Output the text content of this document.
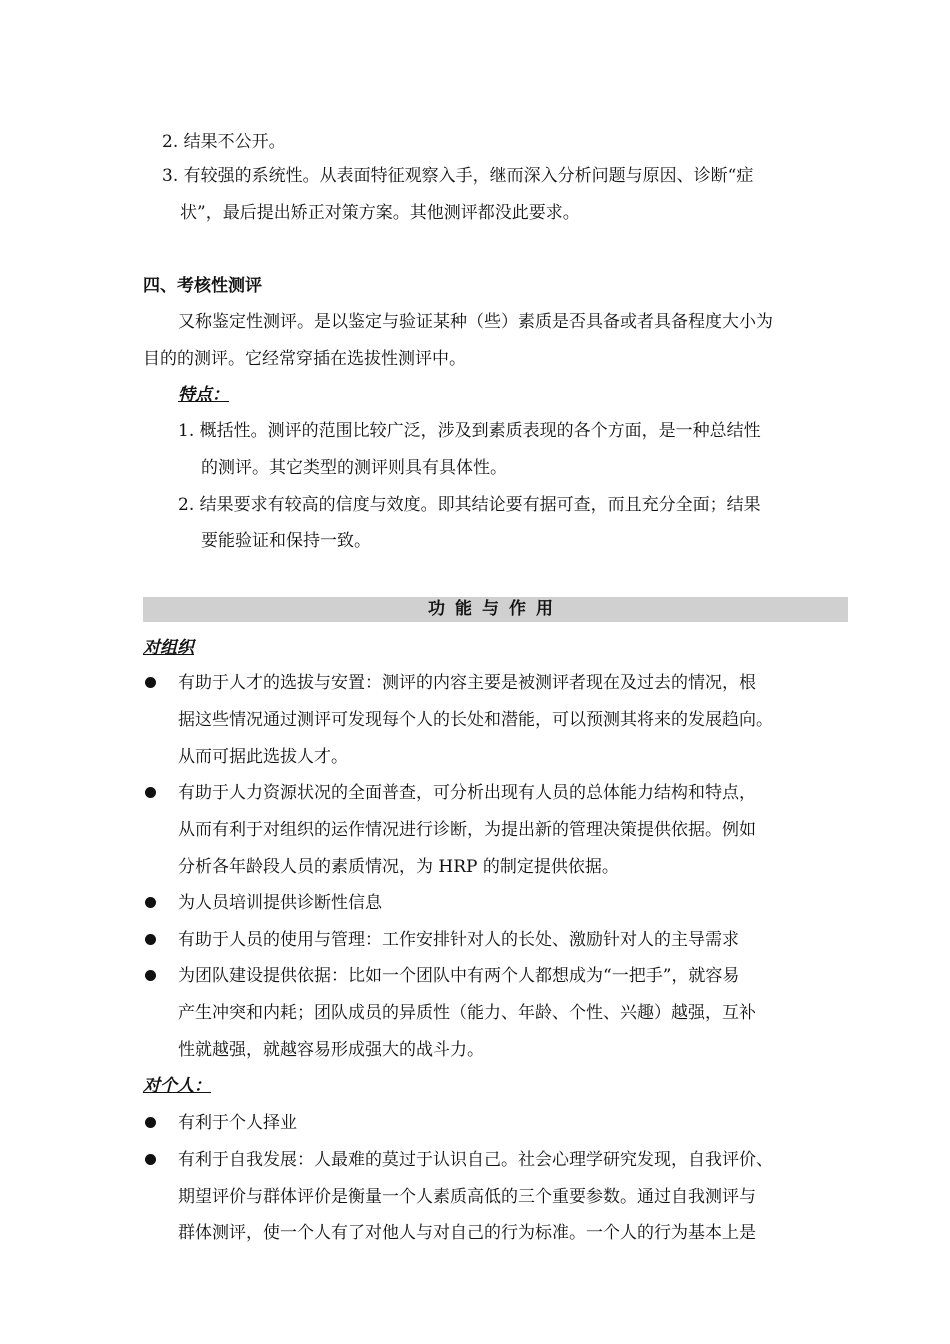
2. 结果不公开。
3. 有较强的系统性。从表面特征观察入手，继而深入分析问题与原因、诊断“症
状”，最后提出矫正对策方案。其他测评都没此要求。
四、考核性测评
又称鉴定性测评。是以鉴定与验证某种（些）素质是否具备或者具备程度大小为
目的的测评。它经常穿插在选拔性测评中。
特点：
1. 概括性。测评的范围比较广泛，涉及到素质表现的各个方面，是一种总结性
的测评。其它类型的测评则具有具体性。
2. 结果要求有较高的信度与效度。即其结论要有据可查，而且充分全面；结果
要能验证和保持一致。
功能与作用
对组织
有助于人才的选拔与安置：测评的内容主要是被测评者现在及过去的情况，根
据这些情况通过测评可发现每个人的长处和潜能，可以预测其将来的发展趋向。
从而可据此选拔人才。
有助于人力资源状况的全面普查，可分析出现有人员的总体能力结构和特点，
从而有利于对组织的运作情况进行诊断，为提出新的管理决策提供依据。例如
分析各年龄段人员的素质情况，为 HRP 的制定提供依据。
为人员培训提供诊断性信息
有助于人员的使用与管理：工作安排针对人的长处、激励针对人的主导需求
为团队建设提供依据：比如一个团队中有两个人都想成为“一把手”，就容易
产生冲突和内耗；团队成员的异质性（能力、年龄、个性、兴趣）越强，互补
性就越强，就越容易形成强大的战斗力。
对个人：
有利于个人择业
有利于自我发展：人最难的莫过于认识自己。社会心理学研究发现，自我评价、
期望评价与群体评价是衡量一个人素质高低的三个重要参数。通过自我测评与
群体测评，使一个人有了对他人与对自己的行为标准。一个人的行为基本上是
